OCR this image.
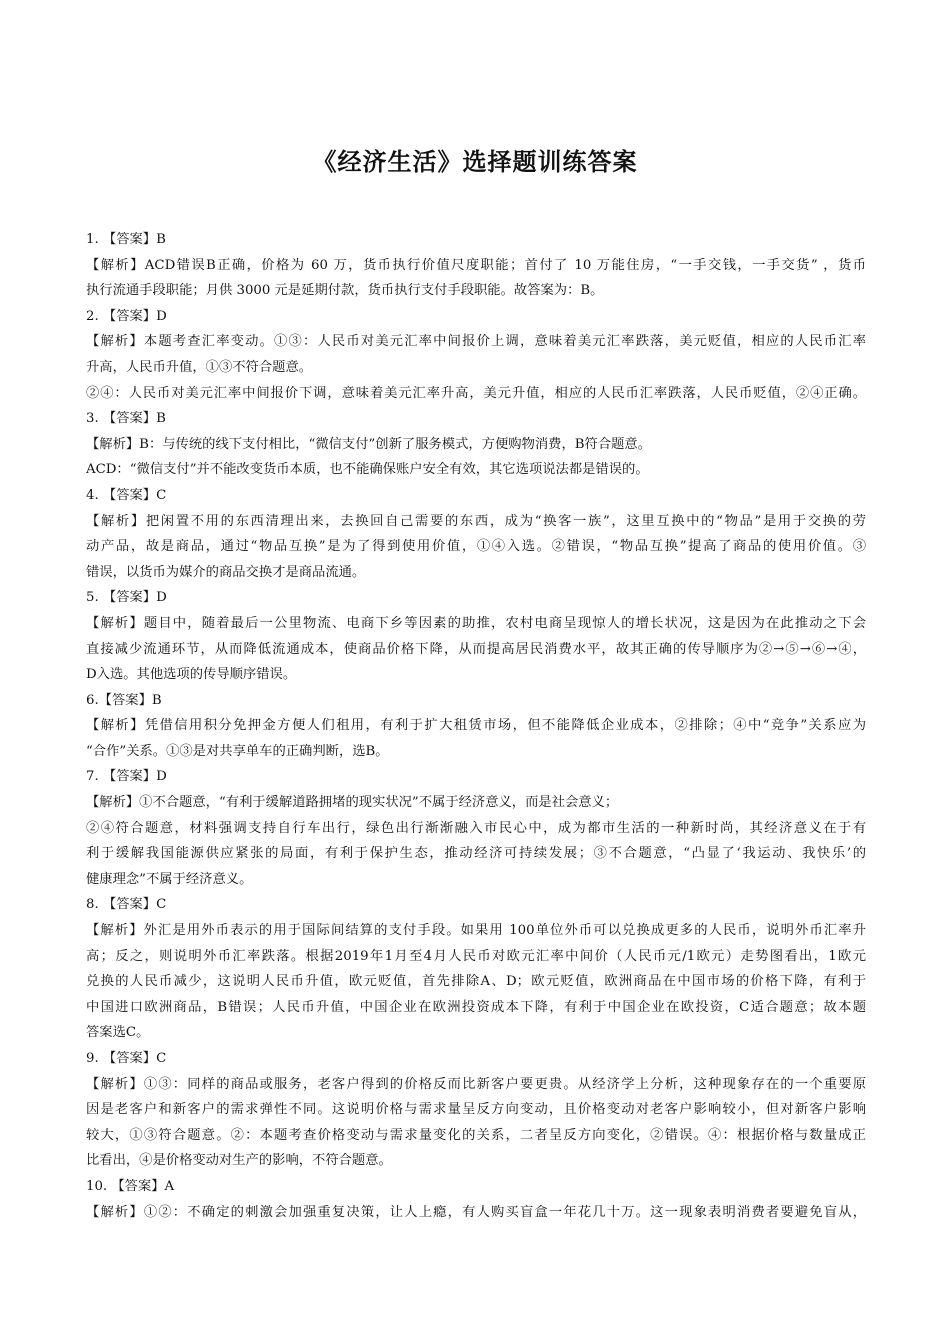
《经济生活》选择题训练答案
1. 【答案】B
【解析】ACD错误B正确，价格为 60 万，货币执行价值尺度职能；首付了 10 万能住房，“一手交钱，一手交货” ，货币
执行流通手段职能；月供 3000 元是延期付款，货币执行支付手段职能。故答案为：B。
2. 【答案】D
【解析】本题考查汇率变动。①③：人民币对美元汇率中间报价上调，意味着美元汇率跌落，美元贬值，相应的人民币汇率
升高，人民币升值，①③不符合题意。
②④：人民币对美元汇率中间报价下调，意味着美元汇率升高，美元升值，相应的人民币汇率跌落，人民币贬值，②④正确。
3. 【答案】B
【解析】B：与传统的线下支付相比，“微信支付”创新了服务模式，方便购物消费，B符合题意。
ACD：“微信支付”并不能改变货币本质，也不能确保账户安全有效，其它选项说法都是错误的。
4. 【答案】C
【解析】把闲置不用的东西清理出来，去换回自己需要的东西，成为“换客一族”，这里互换中的“物品”是用于交换的劳
动产品，故是商品，通过“物品互换”是为了得到使用价值，①④入选。②错误，“物品互换”提高了商品的使用价值。③
错误，以货币为媒介的商品交换才是商品流通。
5. 【答案】D
【解析】题目中，随着最后一公里物流、电商下乡等因素的助推，农村电商呈现惊人的增长状况，这是因为在此推动之下会
直接减少流通环节，从而降低流通成本，使商品价格下降，从而提高居民消费水平，故其正确的传导顺序为②→⑤→⑥→④，
D入选。其他选项的传导顺序错误。
6.【答案】B
【解析】凭借信用积分免押金方便人们租用，有利于扩大租赁市场，但不能降低企业成本，②排除；④中“竞争”关系应为
“合作”关系。①③是对共享单车的正确判断，选B。
7. 【答案】D
【解析】①不合题意，“有利于缓解道路拥堵的现实状况”不属于经济意义，而是社会意义；
②④符合题意，材料强调支持自行车出行，绿色出行渐渐融入市民心中，成为都市生活的一种新时尚，其经济意义在于有
利于缓解我国能源供应紧张的局面，有利于保护生态，推动经济可持续发展；③不合题意，“凸显了‘我运动、我快乐’的
健康理念”不属于经济意义。
8. 【答案】C
【解析】外汇是用外币表示的用于国际间结算的支付手段。如果用 100单位外币可以兑换成更多的人民币，说明外币汇率升
高；反之，则说明外币汇率跌落。根据2019年1月至4月人民币对欧元汇率中间价（人民币元/1欧元）走势图看出，1欧元
兑换的人民币减少，这说明人民币升值，欧元贬值，首先排除A、D；欧元贬值，欧洲商品在中国市场的价格下降，有利于
中国进口欧洲商品，B错误；人民币升值，中国企业在欧洲投资成本下降，有利于中国企业在欧投资，C适合题意；故本题
答案选C。
9. 【答案】C
【解析】①③：同样的商品或服务，老客户得到的价格反而比新客户要更贵。从经济学上分析，这种现象存在的一个重要原
因是老客户和新客户的需求弹性不同。这说明价格与需求量呈反方向变动，且价格变动对老客户影响较小，但对新客户影响
较大，①③符合题意。②：本题考查价格变动与需求量变化的关系，二者呈反方向变化，②错误。④：根据价格与数量成正
比看出，④是价格变动对生产的影响，不符合题意。
10. 【答案】A
【解析】①②：不确定的刺激会加强重复决策，让人上瘾，有人购买盲盒一年花几十万。这一现象表明消费者要避免盲从，
